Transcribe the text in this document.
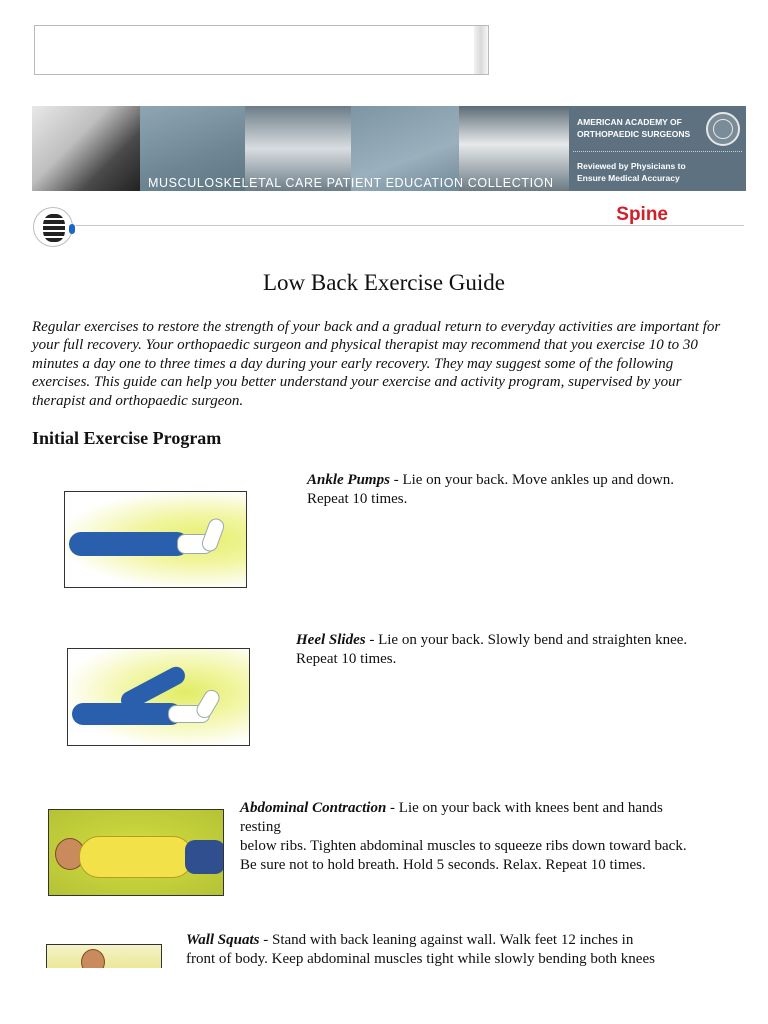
AMERICAN ACADEMY OF
ORTHOPAEDIC SURGEONS
Reviewed by Physicians to
Ensure Medical Accuracy
MUSCULOSKELETAL CARE PATIENT EDUCATION COLLECTION
Spine
Low Back Exercise Guide
Regular exercises to restore the strength of your back and a gradual return to everyday activities are important for your full recovery. Your orthopaedic surgeon and physical therapist may recommend that you exercise 10 to 30 minutes a day one to three times a day during your early recovery. They may suggest some of the following exercises. This guide can help you better understand your exercise and activity program, supervised by your therapist and orthopaedic surgeon.
Initial Exercise Program
Ankle Pumps - Lie on your back. Move ankles up and down.
Repeat 10 times.
Heel Slides - Lie on your back. Slowly bend and straighten knee.
Repeat 10 times.
Abdominal Contraction - Lie on your back with knees bent and hands
resting
below ribs. Tighten abdominal muscles to squeeze ribs down toward back.
Be sure not to hold breath. Hold 5 seconds. Relax. Repeat 10 times.
Wall Squats - Stand with back leaning against wall. Walk feet 12 inches in
front of body. Keep abdominal muscles tight while slowly bending both knees
